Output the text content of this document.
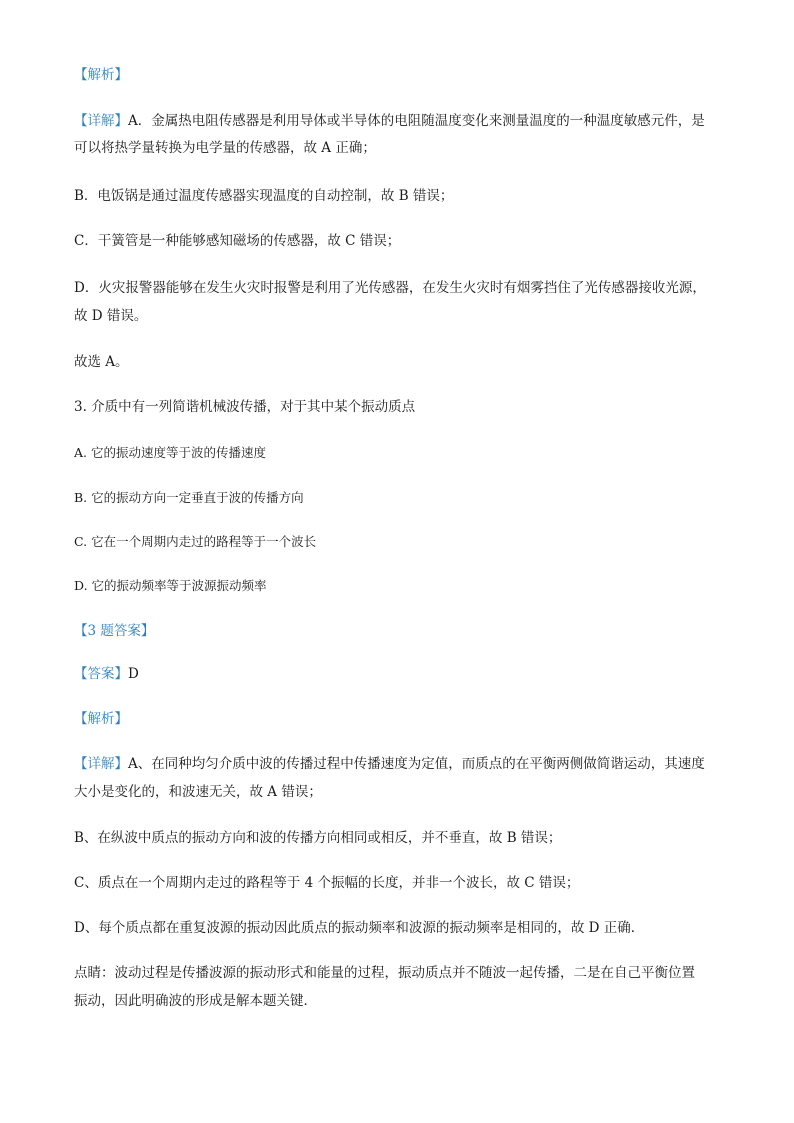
【解析】
【详解】A．金属热电阻传感器是利用导体或半导体的电阻随温度变化来测量温度的一种温度敏感元件，是
可以将热学量转换为电学量的传感器，故 A 正确；
B．电饭锅是通过温度传感器实现温度的自动控制，故 B 错误；
C．干簧管是一种能够感知磁场的传感器，故 C 错误；
D．火灾报警器能够在发生火灾时报警是利用了光传感器，在发生火灾时有烟雾挡住了光传感器接收光源，
故 D 错误。
故选 A。
3. 介质中有一列简谐机械波传播，对于其中某个振动质点
A. 它的振动速度等于波的传播速度
B. 它的振动方向一定垂直于波的传播方向
C. 它在一个周期内走过的路程等于一个波长
D. 它的振动频率等于波源振动频率
【3 题答案】
【答案】D
【解析】
【详解】A、在同种均匀介质中波的传播过程中传播速度为定值，而质点的在平衡两侧做简谐运动，其速度
大小是变化的，和波速无关，故 A 错误；
B、在纵波中质点的振动方向和波的传播方向相同或相反，并不垂直，故 B 错误；
C、质点在一个周期内走过的路程等于 4 个振幅的长度，并非一个波长，故 C 错误；
D、每个质点都在重复波源的振动因此质点的振动频率和波源的振动频率是相同的，故 D 正确．
点睛：波动过程是传播波源的振动形式和能量的过程，振动质点并不随波一起传播，二是在自己平衡位置
振动，因此明确波的形成是解本题关键．
